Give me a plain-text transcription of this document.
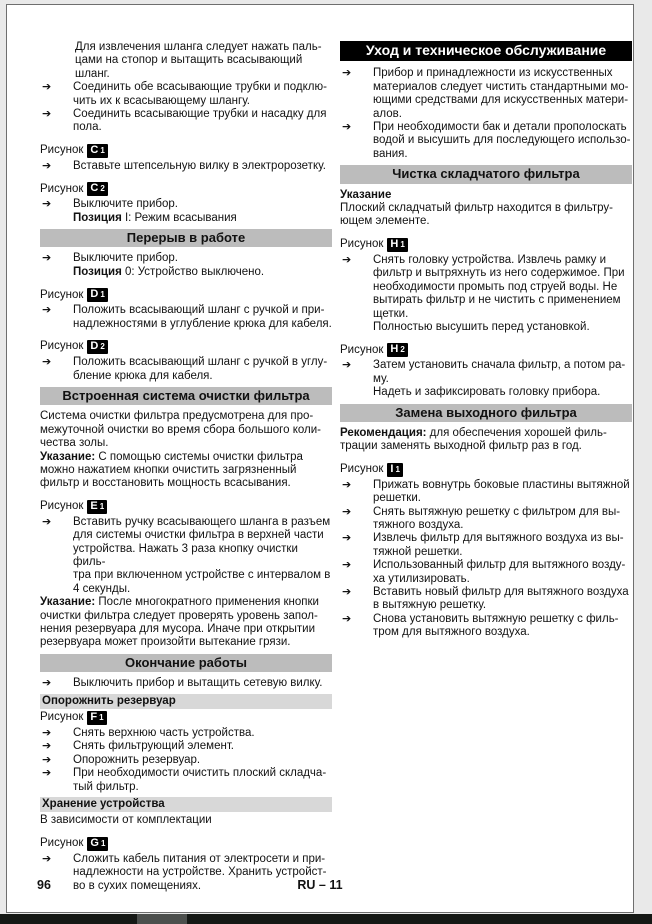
Для извлечения шланга следует нажать паль-
цами на стопор и вытащить всасывающий
шланг.
➔	Соединить обе всасывающие трубки и подклю-
чить их к всасывающему шлангу.
➔	Соединить всасывающие трубки и насадку для
пола.
Рисунок C 1
➔	Вставьте штепсельную вилку в электророзетку.
Рисунок C 2
➔	Выключите прибор.
Позиция I: Режим всасывания
Перерыв в работе
➔	Выключите прибор.
Позиция 0: Устройство выключено.
Рисунок D 1
➔	Положить всасывающий шланг с ручкой и при-
надлежностями в углубление крюка для кабеля.
Рисунок D 2
➔	Положить всасывающий шланг с ручкой в углу-
бление крюка для кабеля.
Встроенная система очистки фильтра
Система очистки фильтра предусмотрена для про-
межуточной очистки во время сбора большого коли-
чества золы.
Указание: С помощью системы очистки фильтра
можно нажатием кнопки очистить загрязненный
фильтр и восстановить мощность всасывания.
Рисунок E 1
➔	Вставить ручку всасывающего шланга в разъем
для системы очистки фильтра в верхней части
устройства. Нажать 3 раза кнопку очистки филь-
тра при включенном устройстве с интервалом в
4 секунды.
Указание: После многократного применения кнопки
очистки фильтра следует проверять уровень запол-
нения резервуара для мусора. Иначе при открытии
резервуара может произойти вытекание грязи.
Окончание работы
➔	Выключить прибор и вытащить сетевую вилку.
Опорожнить резервуар
Рисунок F 1
➔	Снять верхнюю часть устройства.
➔	Снять фильтрующий элемент.
➔	Опорожнить резервуар.
➔	При необходимости очистить плоский складча-
тый фильтр.
Хранение устройства
В зависимости от комплектации
Рисунок G 1
➔	Сложить кабель питания от электросети и при-
надлежности на устройстве. Хранить устройст-
во в сухих помещениях.
Уход и техническое обслуживание
➔	Прибор и принадлежности из искусственных
материалов следует чистить стандартными мо-
ющими средствами для искусственных матери-
алов.
➔	При необходимости бак и детали прополоскать
водой и высушить для последующего использо-
вания.
Чистка складчатого фильтра
Указание
Плоский складчатый фильтр находится в фильтру-
ющем элементе.
Рисунок H 1
➔	Снять головку устройства. Извлечь рамку и
фильтр и вытряхнуть из него содержимое. При
необходимости промыть под струей воды. Не
вытирать фильтр и не чистить с применением
щетки.
Полностью высушить перед установкой.
Рисунок H 2
➔	Затем установить сначала фильтр, а потом ра-
му.
Надеть и зафиксировать головку прибора.
Замена выходного фильтра
Рекомендация: для обеспечения хорошей филь-
трации заменять выходной фильтр раз в год.
Рисунок I 1
➔	Прижать вовнутрь боковые пластины вытяжной
решетки.
➔	Снять вытяжную решетку с фильтром для вы-
тяжного воздуха.
➔	Извлечь фильтр для вытяжного воздуха из вы-
тяжной решетки.
➔	Использованный фильтр для вытяжного возду-
ха утилизировать.
➔	Вставить новый фильтр для вытяжного воздуха
в вытяжную решетку.
➔	Снова установить вытяжную решетку с филь-
тром для вытяжного воздуха.
96	RU – 11
